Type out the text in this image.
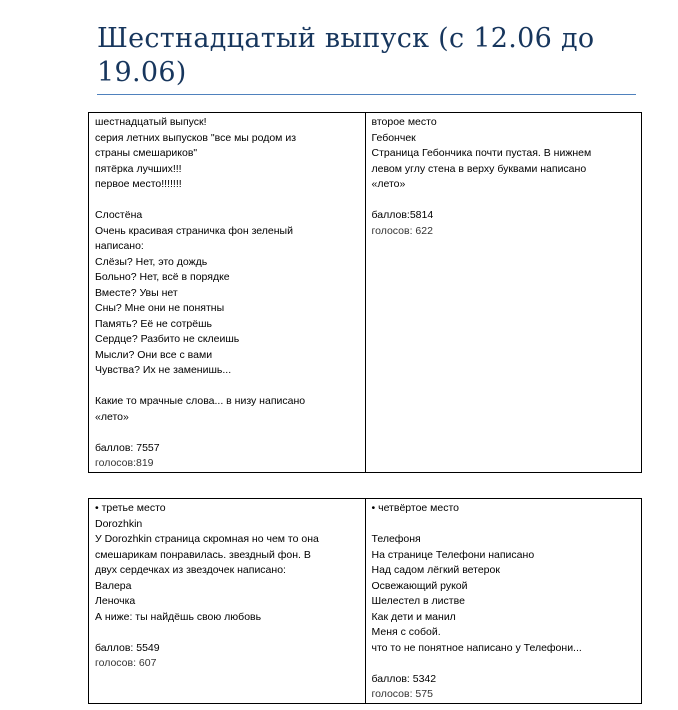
Шестнадцатый выпуск (с 12.06 до
19.06)
шестнадцатый выпуск!
серия летних выпусков "все мы родом из
страны смешариков"
пятёрка лучших!!!
первое место!!!!!!!
Слостёна
Очень красивая страничка фон зеленый
написано:
Слёзы? Нет, это дождь
Больно? Нет, всё в порядке
Вместе? Увы нет
Сны? Мне они не понятны
Память? Её не сотрёшь
Сердце? Разбито не склеишь
Мысли? Они все с вами
Чувства? Их не заменишь...
Какие то мрачные слова... в низу написано
«лето»
баллов: 7557
голосов:819

второе место
Гебончек
Страница Гебончика почти пустая. В нижнем
левом углу стена в верху буквами написано
«лето»
баллов:5814
голосов: 622
• третье место
Dorozhkin
У Dorozhkin страница скромная но чем то она
смешарикам понравилась. звездный фон. В
двух сердечках из звездочек написано:
Валера
Леночка
А ниже: ты найдёшь свою любовь
баллов: 5549
голосов: 607

• четвёртое место
Телефоня
На странице Телефони написано
Над садом лёгкий ветерок
Освежающий рукой
Шелестел в листве
Как дети и манил
Меня с собой.
что то не понятное написано у Телефони...
баллов: 5342
голосов: 575
